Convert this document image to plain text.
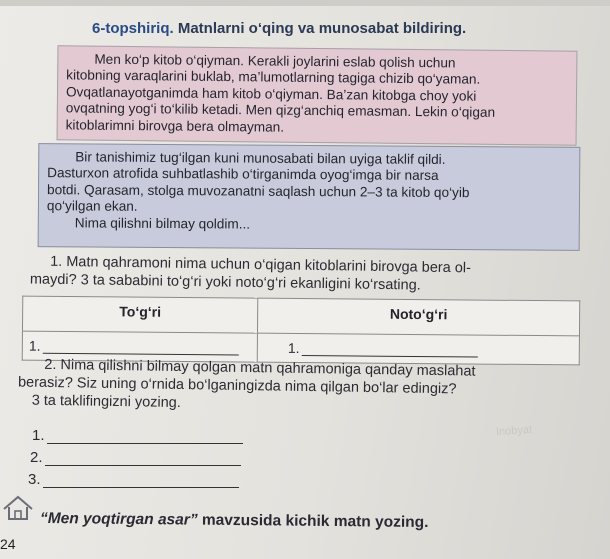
6-topshiriq. Matnlarni o‘qing va munosabat bildiring.

Men ko‘p kitob o‘qiyman. Kerakli joylarini eslab qolish uchun

kitobning varaqlarini buklab, ma’lumotlarning tagiga chizib qo‘yaman.

Ovqatlanayotganimda ham kitob o‘qiyman. Ba’zan kitobga choy yoki

ovqatning yog‘i to‘kilib ketadi. Men qizg‘anchiq emasman. Lekin o‘qigan

kitoblarimni birovga bera olmayman.

Bir tanishimiz tug‘ilgan kuni munosabati bilan uyiga taklif qildi.

Dasturxon atrofida suhbatlashib o‘tirganimda oyog‘imga bir narsa

botdi. Qarasam, stolga muvozanatni saqlash uchun 2–3 ta kitob qo‘yib

qo‘yilgan ekan.

Nima qilishni bilmay qoldim...

1. Matn qahramoni nima uchun o‘qigan kitoblarini birovga bera ol-
maydi? 3 ta sababini to‘g‘ri yoki noto‘g‘ri ekanligini ko‘rsating.
To‘g‘ri	Noto‘g‘ri

1.	1.
2. Nima qilishni bilmay qolgan matn qahramoniga qanday maslahat
berasiz? Siz uning o‘rnida bo‘lganingizda nima qilgan bo‘lar edingiz?
3 ta taklifingizni yozing.
1.
2.
3.
Inobyat
“Men yoqtirgan asar” mavzusida kichik matn yozing.
24
